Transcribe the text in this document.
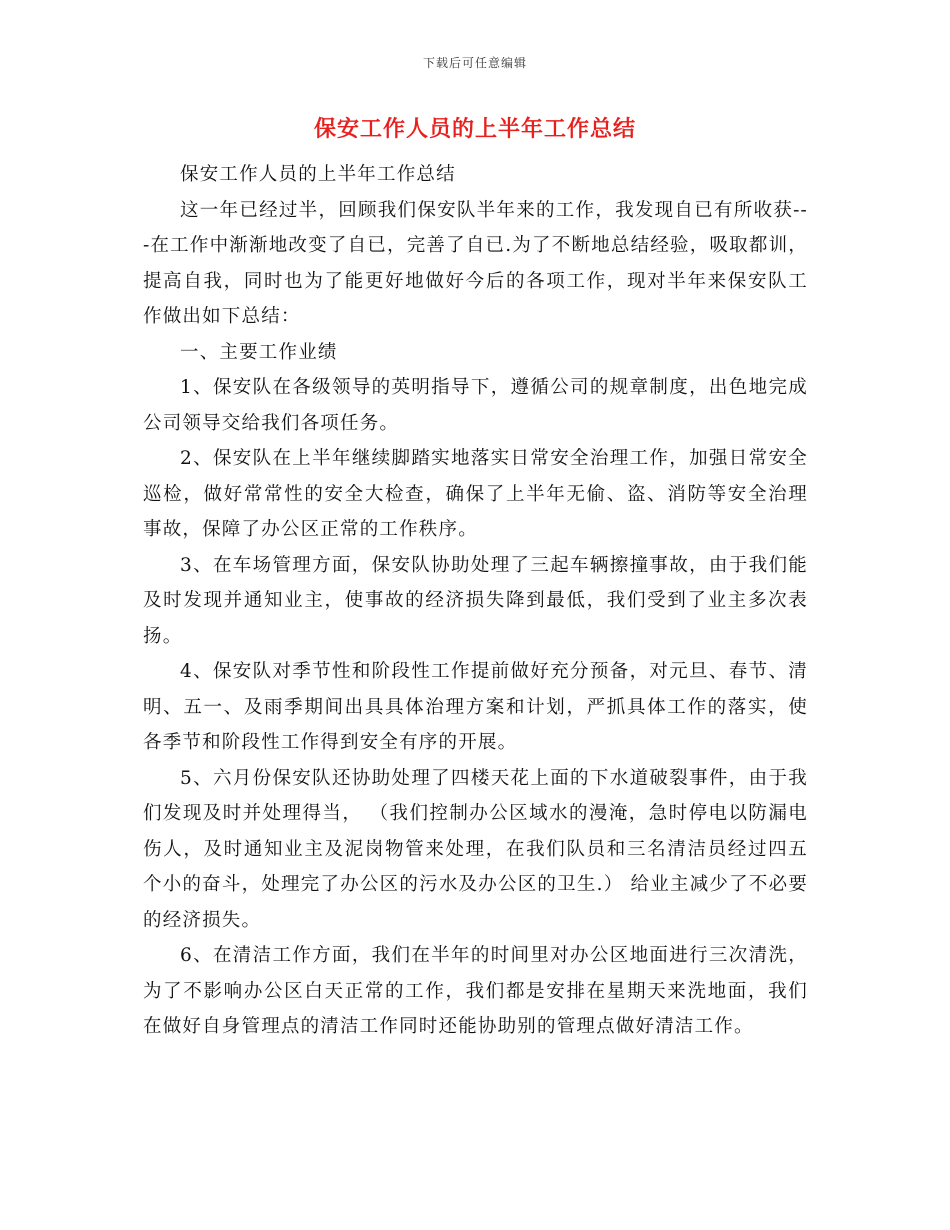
下载后可任意编辑
保安工作人员的上半年工作总结

保安工作人员的上半年工作总结

这一年已经过半，回顾我们保安队半年来的工作，我发现自已有所收获---在工作中渐渐地改变了自已，完善了自已.为了不断地总结经验，吸取都训，提高自我，同时也为了能更好地做好今后的各项工作，现对半年来保安队工作做出如下总结：

一、主要工作业绩

1、保安队在各级领导的英明指导下，遵循公司的规章制度，出色地完成公司领导交给我们各项任务。

2、保安队在上半年继续脚踏实地落实日常安全治理工作，加强日常安全巡检，做好常常性的安全大检查，确保了上半年无偷、盗、消防等安全治理事故，保障了办公区正常的工作秩序。

3、在车场管理方面，保安队协助处理了三起车辆擦撞事故，由于我们能及时发现并通知业主，使事故的经济损失降到最低，我们受到了业主多次表扬。

4、保安队对季节性和阶段性工作提前做好充分预备，对元旦、春节、清明、五一、及雨季期间出具具体治理方案和计划，严抓具体工作的落实，使各季节和阶段性工作得到安全有序的开展。

5、六月份保安队还协助处理了四楼天花上面的下水道破裂事件，由于我们发现及时并处理得当， （我们控制办公区域水的漫淹，急时停电以防漏电伤人，及时通知业主及泥岗物管来处理，在我们队员和三名清洁员经过四五个小的奋斗，处理完了办公区的污水及办公区的卫生.） 给业主减少了不必要的经济损失。

6、在清洁工作方面，我们在半年的时间里对办公区地面进行三次清洗，为了不影响办公区白天正常的工作，我们都是安排在星期天来洗地面，我们在做好自身管理点的清洁工作同时还能协助别的管理点做好清洁工作。
